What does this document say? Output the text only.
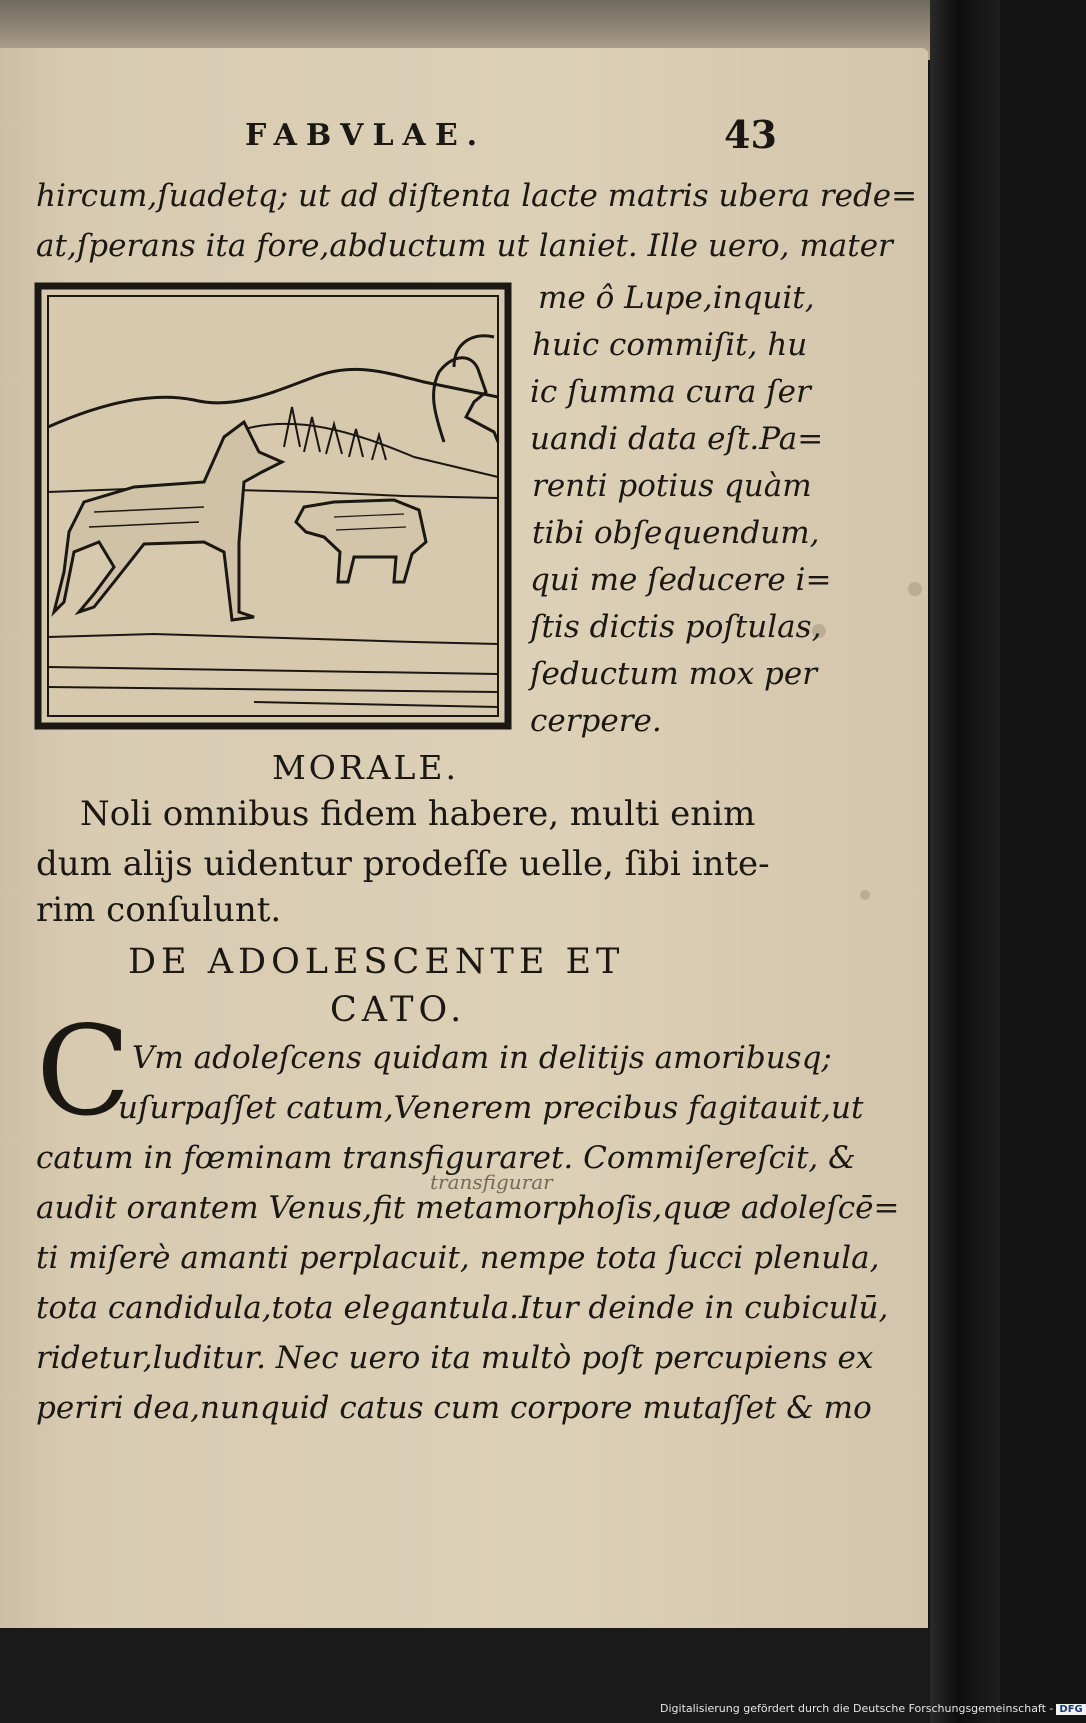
FABVLAE.	43
hircum,ſuadetq; ut ad diſtenta lacte matris ubera rede=
at,ſperans ita fore,abductum ut laniet. Ille uero, mater
me ô Lupe,inquit,
huic commiſit, hu
ic ſumma cura ſer
uandi data eſt.Pa=
renti potius quàm
tibi obſequendum,
qui me ſeducere i=
ſtis dictis poſtulas,
ſeductum mox per
cerpere.
MORALE.
Noli omnibus fidem habere, multi enim
dum alijs uidentur prodeſſe uelle, ſibi inte-
rim conſulunt.
DE ADOLESCENTE ET
CATO.
C Vm adoleſcens quidam in delitijs amoribusq;
uſurpaſſet catum,Venerem precibus fagitauit,ut
catum in fœminam transfiguraret. Commiſereſcit, &
audit orantem Venus,fit metamorphoſis,quæ adoleſcē=
ti miſerè amanti perplacuit, nempe tota ſucci plenula,
tota candidula,tota elegantula.Itur deinde in cubiculū,
ridetur,luditur. Nec uero ita multò poſt percupiens ex
periri dea,nunquid catus cum corpore mutaſſet & mo
transfigurar
Digitalisierung gefördert durch die Deutsche Forschungsgemeinschaft - DFG
